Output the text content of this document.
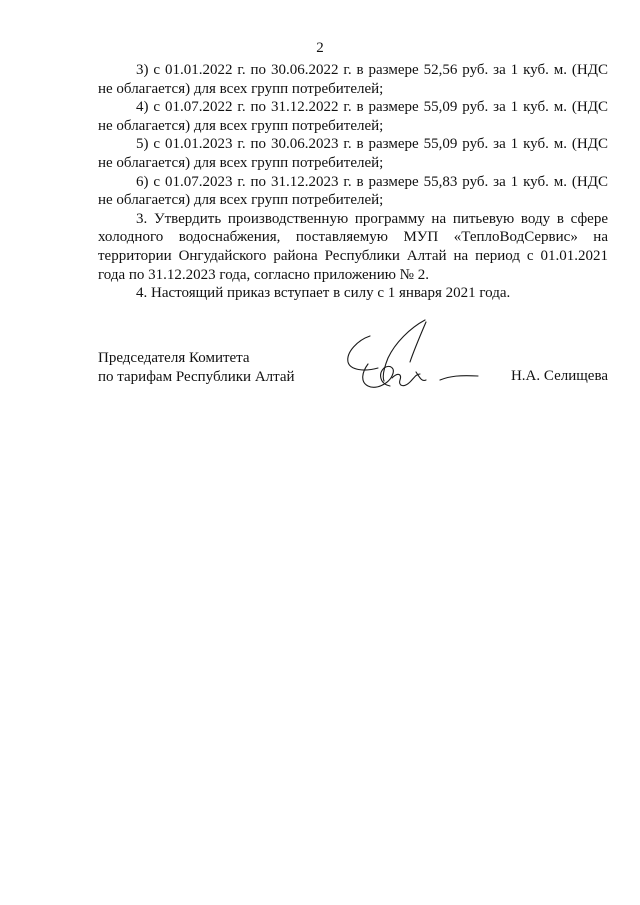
2

3) с 01.01.2022 г. по 30.06.2022 г. в размере 52,56 руб. за 1 куб. м. (НДС не облагается) для всех групп потребителей;

4) с 01.07.2022 г. по 31.12.2022 г. в размере 55,09 руб. за 1 куб. м. (НДС не облагается) для всех групп потребителей;

5) с 01.01.2023 г. по 30.06.2023 г. в размере 55,09 руб. за 1 куб. м. (НДС не облагается) для всех групп потребителей;

6) с 01.07.2023 г. по 31.12.2023 г. в размере 55,83 руб. за 1 куб. м. (НДС не облагается) для всех групп потребителей;

3. Утвердить производственную программу на питьевую воду в сфере холодного водоснабжения, поставляемую МУП «ТеплоВодСервис» на территории Онгудайского района Республики Алтай на период с 01.01.2021 года по 31.12.2023 года, согласно приложению № 2.

4. Настоящий приказ вступает в силу с 1 января 2021 года.

Председателя Комитета
по тарифам Республики Алтай	Н.А. Селищева
